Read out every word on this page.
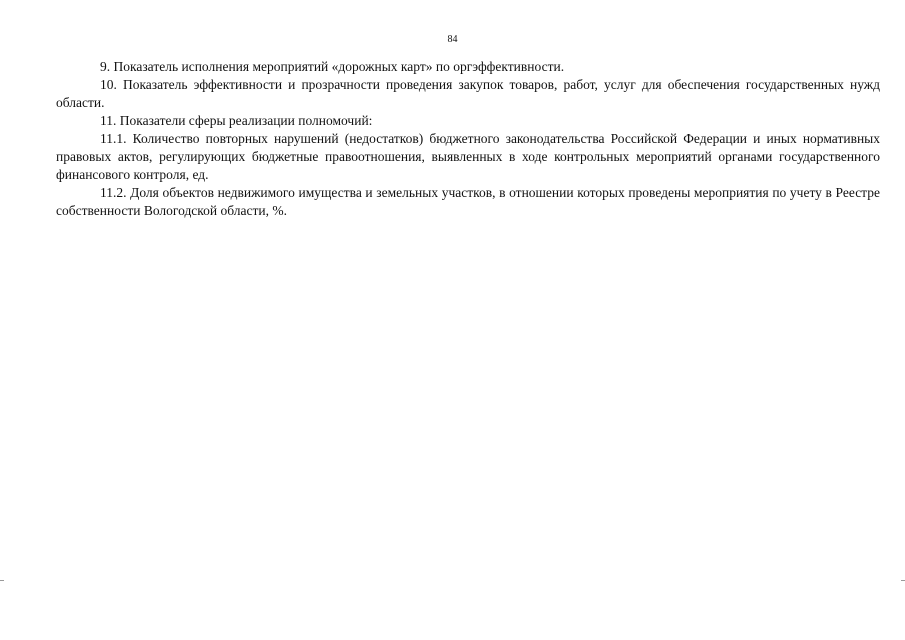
84

9. Показатель исполнения мероприятий «дорожных карт» по оргэффективности.

10. Показатель эффективности и прозрачности проведения закупок товаров, работ, услуг для обеспечения государственных нужд области.

11. Показатели сферы реализации полномочий:

11.1. Количество повторных нарушений (недостатков) бюджетного законодательства Российской Федерации и иных нормативных правовых актов, регулирующих бюджетные правоотношения, выявленных в ходе контрольных мероприятий органами государственного финансового контроля, ед.

11.2. Доля объектов недвижимого имущества и земельных участков, в отношении которых проведены мероприятия по учету в Реестре собственности Вологодской области, %.
